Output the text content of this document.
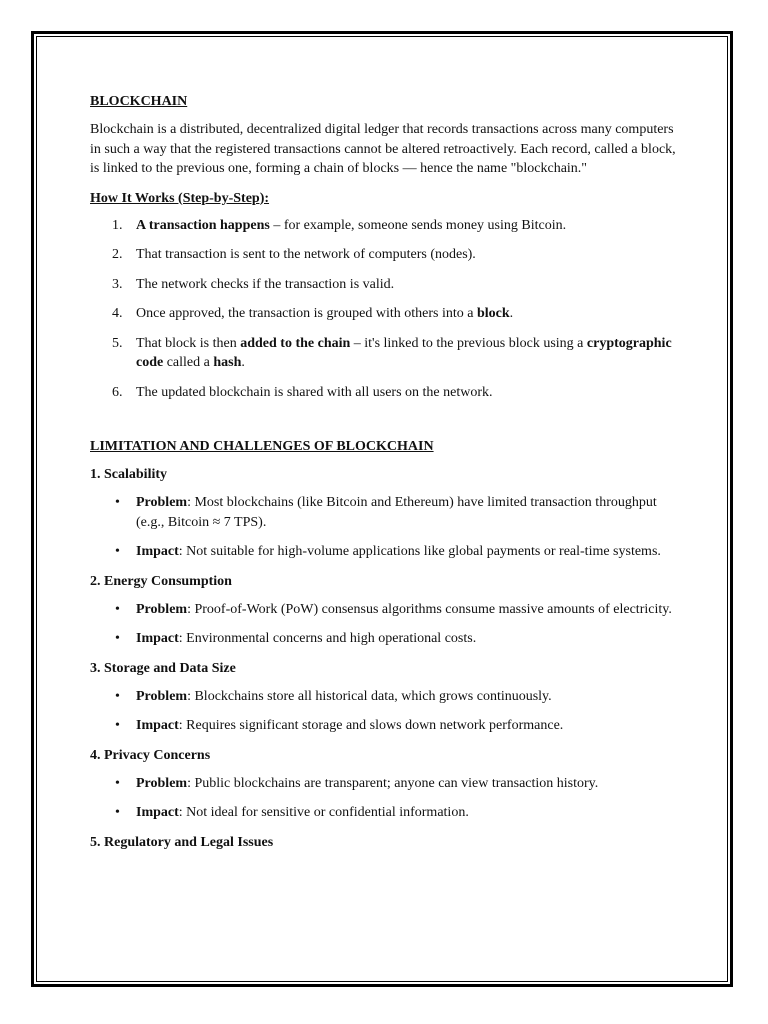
BLOCKCHAIN

Blockchain is a distributed, decentralized digital ledger that records transactions across many computers in such a way that the registered transactions cannot be altered retroactively. Each record, called a block, is linked to the previous one, forming a chain of blocks — hence the name "blockchain."

How It Works (Step-by-Step):
1. A transaction happens – for example, someone sends money using Bitcoin.
2. That transaction is sent to the network of computers (nodes).
3. The network checks if the transaction is valid.
4. Once approved, the transaction is grouped with others into a block.
5. That block is then added to the chain – it's linked to the previous block using a cryptographic code called a hash.
6. The updated blockchain is shared with all users on the network.
LIMITATION AND CHALLENGES OF BLOCKCHAIN
1. Scalability
• Problem: Most blockchains (like Bitcoin and Ethereum) have limited transaction throughput (e.g., Bitcoin ≈ 7 TPS).
• Impact: Not suitable for high-volume applications like global payments or real-time systems.
2. Energy Consumption
• Problem: Proof-of-Work (PoW) consensus algorithms consume massive amounts of electricity.
• Impact: Environmental concerns and high operational costs.
3. Storage and Data Size
• Problem: Blockchains store all historical data, which grows continuously.
• Impact: Requires significant storage and slows down network performance.
4. Privacy Concerns
• Problem: Public blockchains are transparent; anyone can view transaction history.
• Impact: Not ideal for sensitive or confidential information.
5. Regulatory and Legal Issues
